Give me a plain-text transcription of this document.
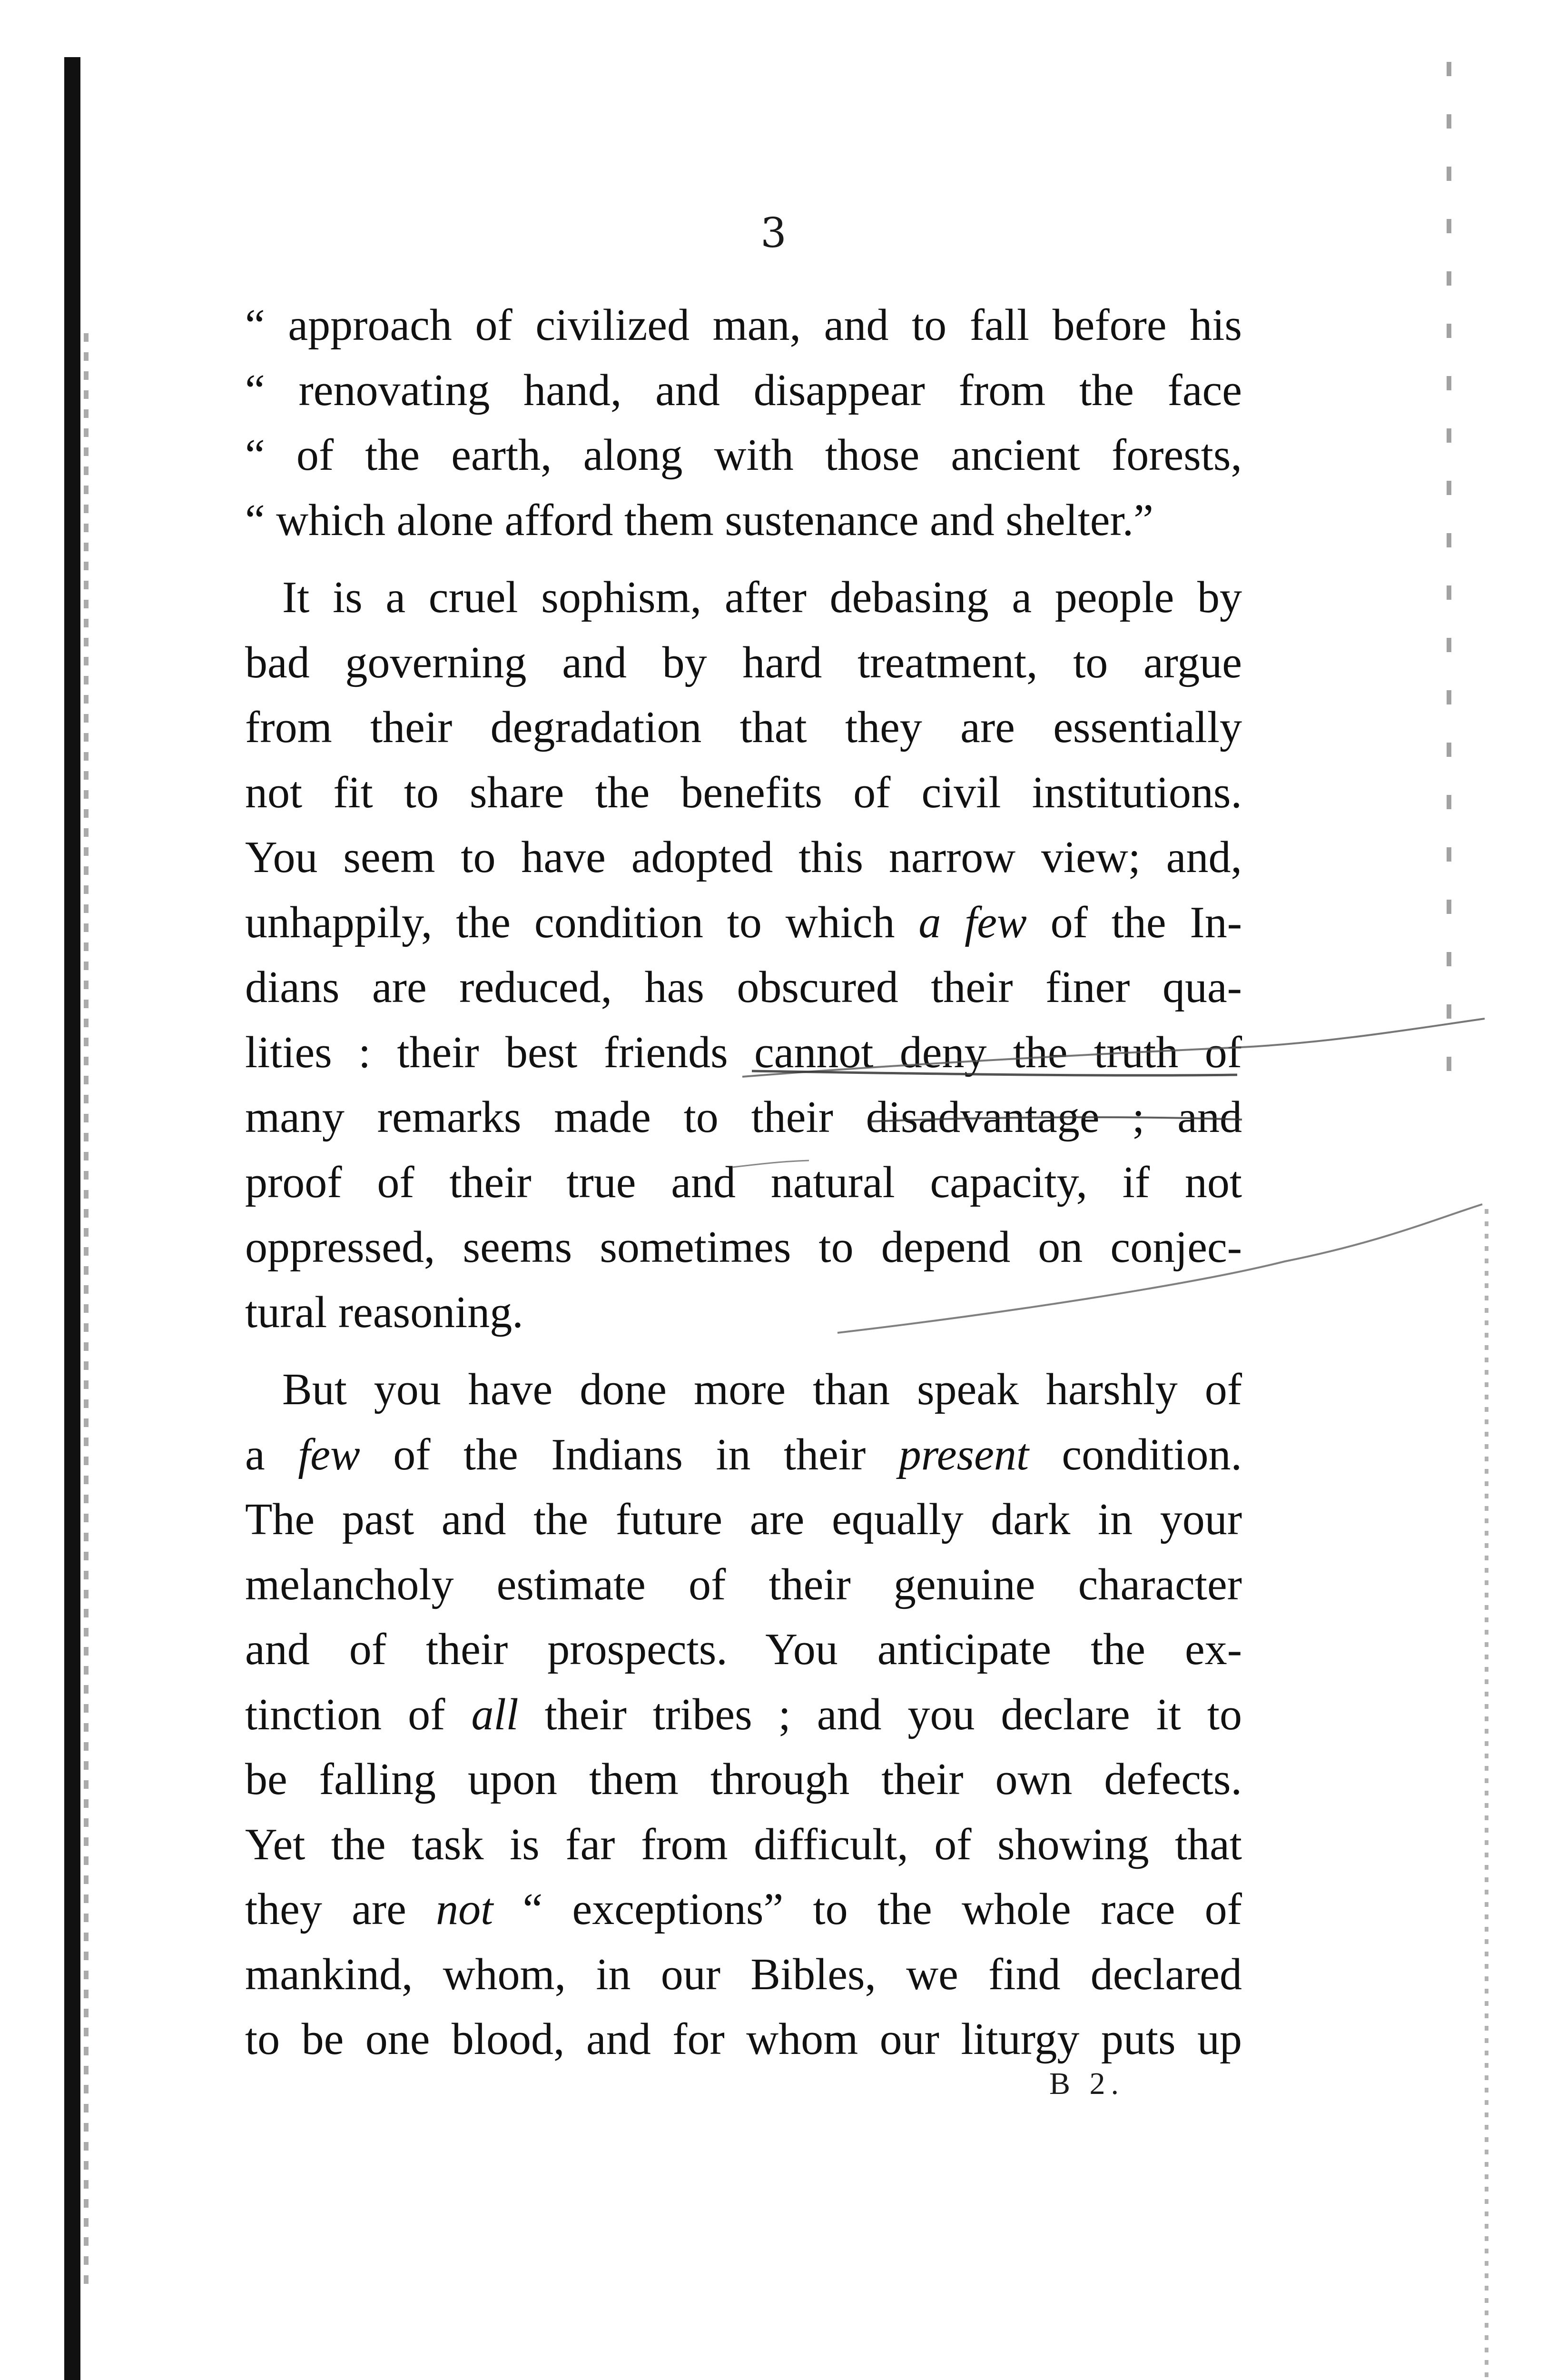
3
“ approach of civilized man, and to fall before his
“ renovating hand, and disappear from the face
“ of the earth, along with those ancient forests,
“ which alone afford them sustenance and shelter.”
It is a cruel sophism, after debasing a people by
bad governing and by hard treatment, to argue
from their degradation that they are essentially
not fit to share the benefits of civil institutions.
You seem to have adopted this narrow view; and,
unhappily, the condition to which a few of the In-
dians are reduced, has obscured their finer qua-
lities : their best friends cannot deny the truth of
many remarks made to their disadvantage ; and
proof of their true and natural capacity, if not
oppressed, seems sometimes to depend on conjec-
tural reasoning.
But you have done more than speak harshly of
a few of the Indians in their present condition.
The past and the future are equally dark in your
melancholy estimate of their genuine character
and of their prospects. You anticipate the ex-
tinction of all their tribes ; and you declare it to
be falling upon them through their own defects.
Yet the task is far from difficult, of showing that
they are not “ exceptions” to the whole race of
mankind, whom, in our Bibles, we find declared
to be one blood, and for whom our liturgy puts up
B 2.
